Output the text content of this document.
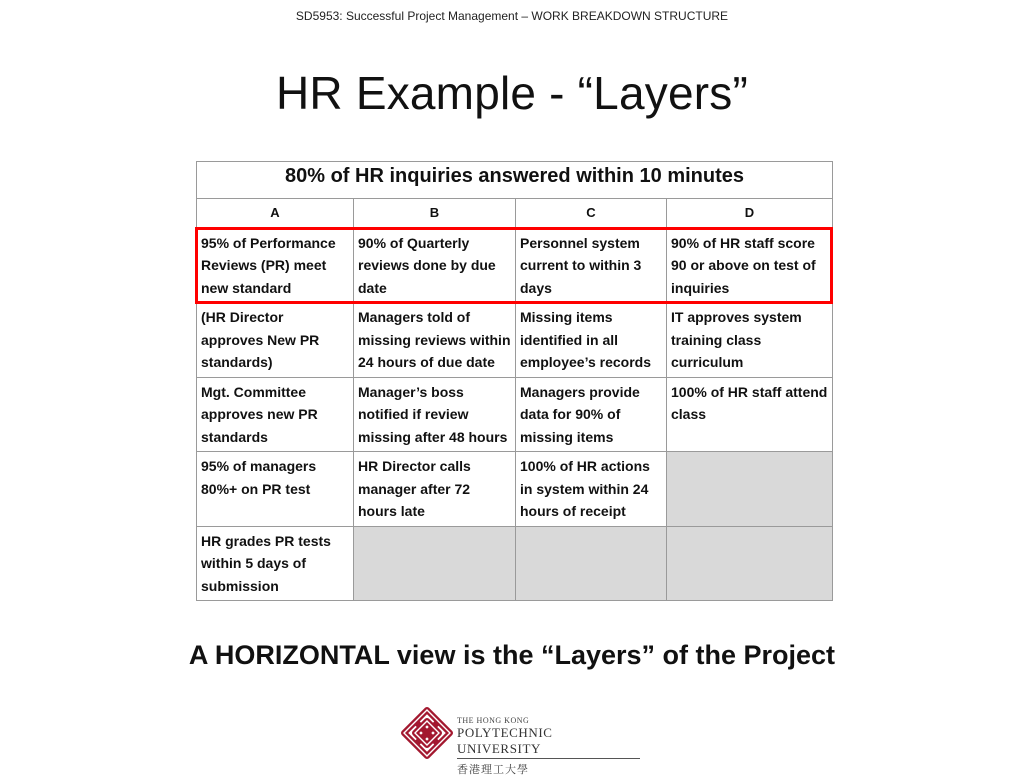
SD5953: Successful Project Management – WORK BREAKDOWN STRUCTURE
HR Example - “Layers”
80% of HR inquiries answered within 10 minutes			
A	B	C	D
95% of Performance Reviews (PR) meet new standard	90% of Quarterly reviews done by due date	Personnel system current to within 3 days	90% of HR staff score 90 or above on test of inquiries
(HR Director approves New PR standards)	Managers told of missing reviews within 24 hours of due date	Missing items identified in all employee’s records	IT approves system training class curriculum
Mgt. Committee approves new PR standards	Manager’s boss notified if review missing after 48 hours	Managers provide data for 90% of missing items	100% of HR staff attend class
95% of managers 80%+ on PR test	HR Director calls manager after 72 hours late	100% of HR actions in system within 24 hours of receipt	
HR grades PR tests within 5 days of submission			
A HORIZONTAL view is the “Layers” of the Project
THE HONG KONG
POLYTECHNIC UNIVERSITY
香港理工大學
